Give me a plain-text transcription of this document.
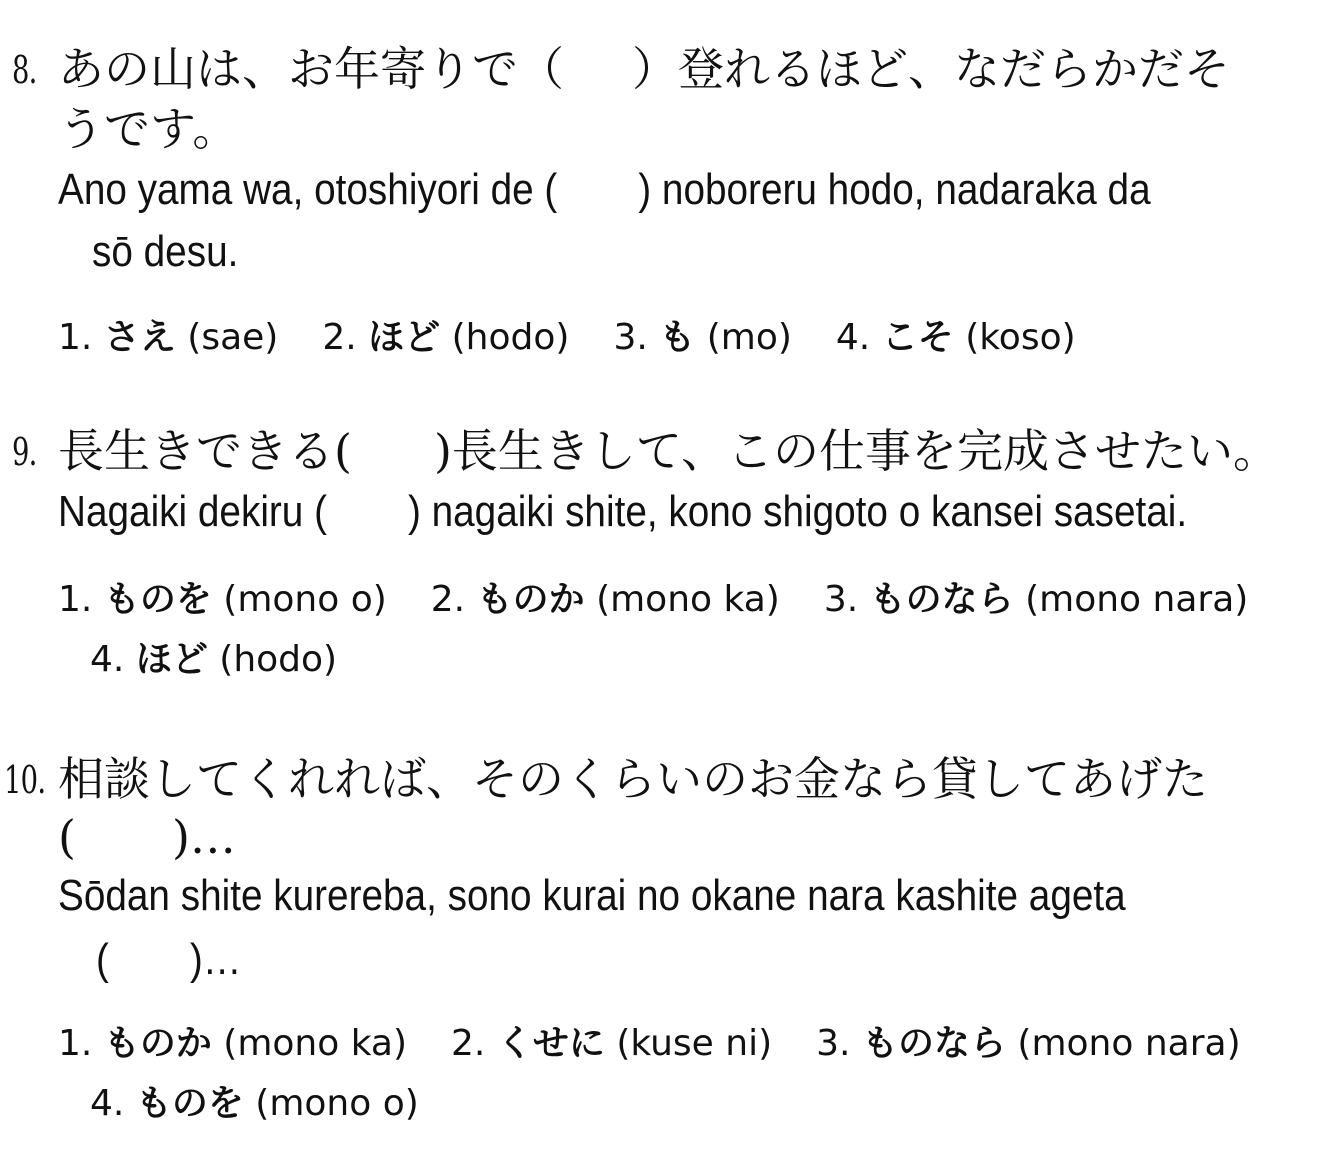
8. あの山は、お年寄りで（ ）登れるほど、なだらかだそ
うです。
Ano yama wa, otoshiyori de ( ) noboreru hodo, nadaraka da
sō desu.
1. さえ (sae) 2. ほど (hodo) 3. も (mo) 4. こそ (koso)
9. 長生きできる( )長生きして、この仕事を完成させたい。
Nagaiki dekiru ( ) nagaiki shite, kono shigoto o kansei sasetai.
1. ものを (mono o) 2. ものか (mono ka) 3. ものなら (mono nara)
4. ほど (hodo)
10. 相談してくれれば、そのくらいのお金なら貸してあげた
( )…
Sōdan shite kurereba, sono kurai no okane nara kashite ageta
( )…
1. ものか (mono ka) 2. くせに (kuse ni) 3. ものなら (mono nara)
4. ものを (mono o)
